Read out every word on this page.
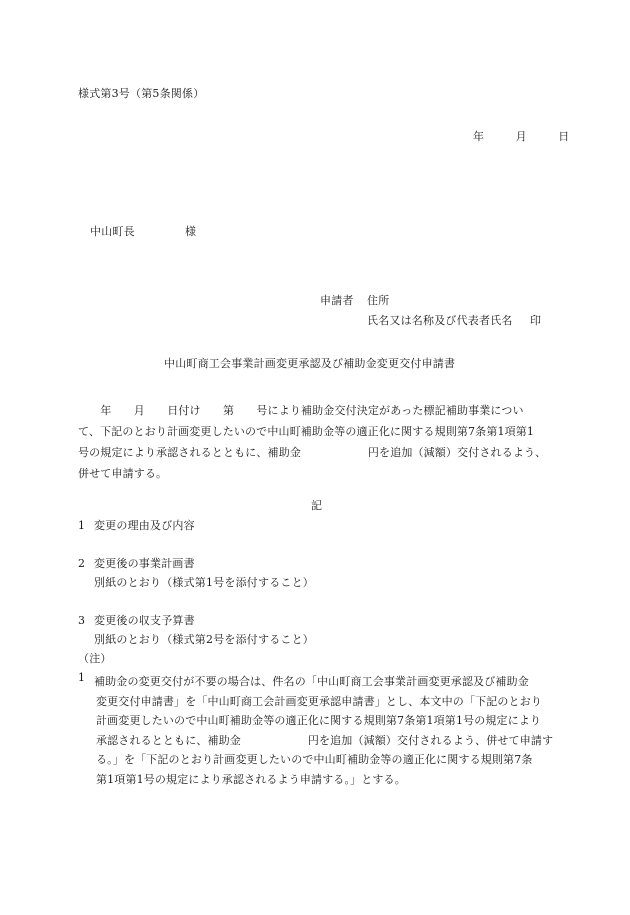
様式第3号（第5条関係）
年	月	日
中山町長	様
申請者 住所
氏名又は名称及び代表者氏名 印
中山町商工会事業計画変更承認及び補助金変更交付申請書

　　年　　月　　日付け　　第　　号により補助金交付決定があった標記補助事業につい

て、下記のとおり計画変更したいので中山町補助金等の適正化に関する規則第7条第1項第1

号の規定により承認されるとともに、補助金　　　　　　円を追加（減額）交付されるよう、

併せて申請する。

記
1 変更の理由及び内容
2 変更後の事業計画書
別紙のとおり（様式第1号を添付すること）
3 変更後の収支予算書
別紙のとおり（様式第2号を添付すること）
（注）
1 補助金の変更交付が不要の場合は、件名の「中山町商工会事業計画変更承認及び補助金

変更交付申請書」を「中山町商工会計画変更承認申請書」とし、本文中の「下記のとおり

計画変更したいので中山町補助金等の適正化に関する規則第7条第1項第1号の規定により

承認されるとともに、補助金　　　　　　円を追加（減額）交付されるよう、併せて申請す

る。」を「下記のとおり計画変更したいので中山町補助金等の適正化に関する規則第7条

第1項第1号の規定により承認されるよう申請する。」とする。
